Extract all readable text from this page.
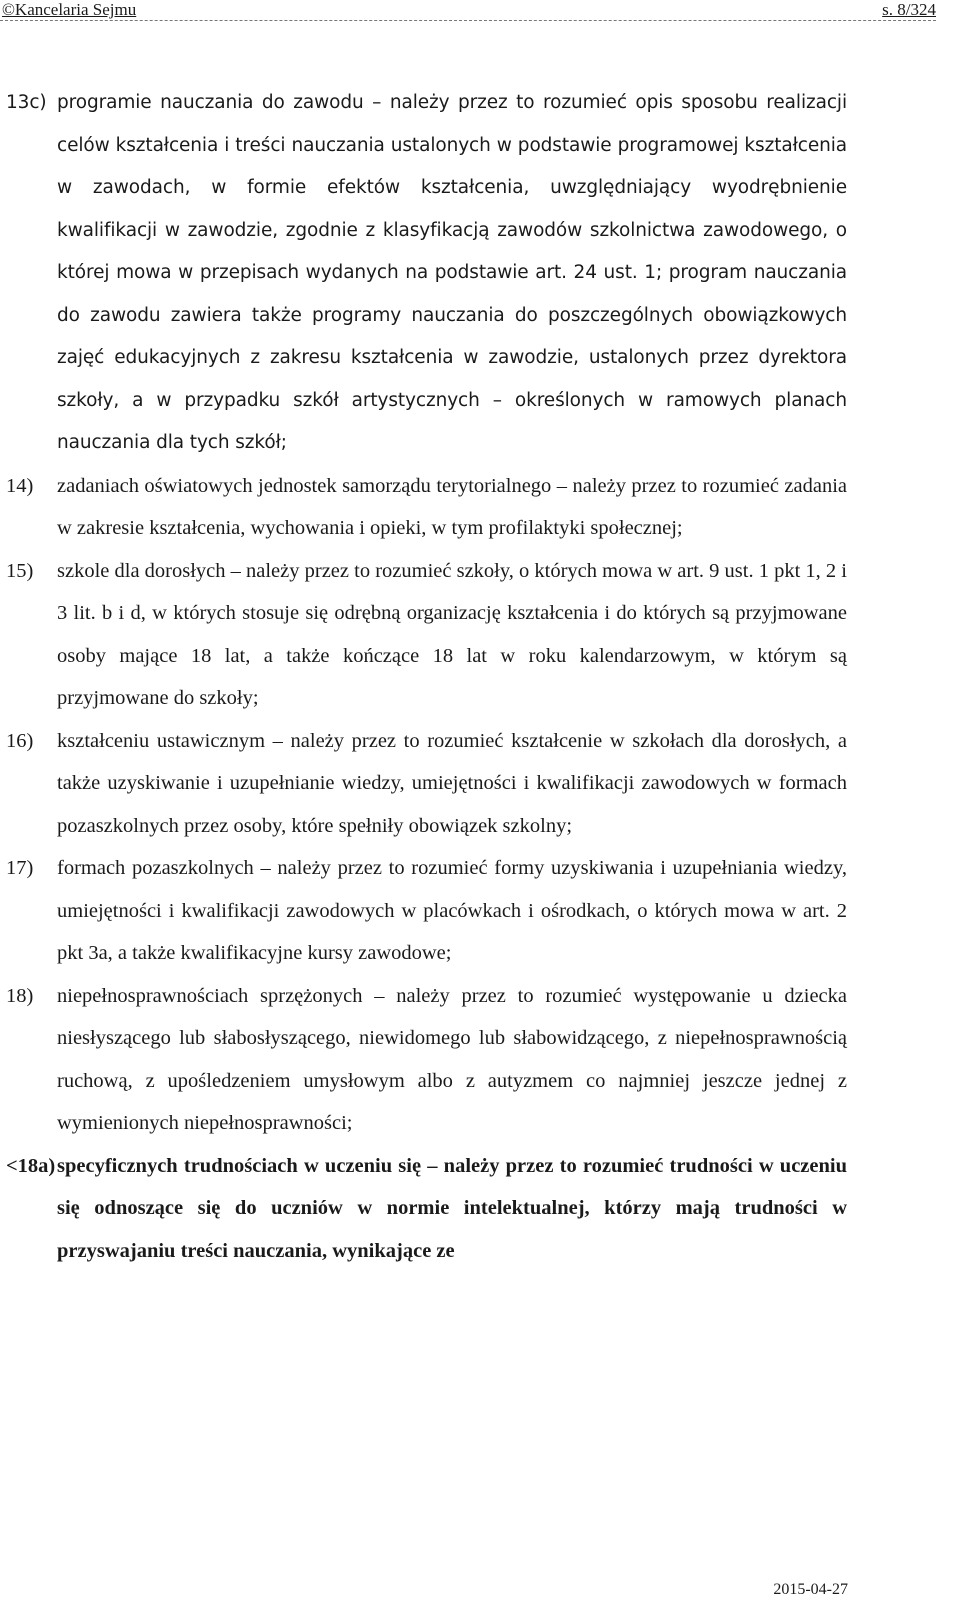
©Kancelaria Sejmu	s. 8/324

13c) programie nauczania do zawodu – należy przez to rozumieć opis sposobu realizacji celów kształcenia i treści nauczania ustalonych w podstawie programowej kształcenia w zawodach, w formie efektów kształcenia, uwzględniający wyodrębnienie kwalifikacji w zawodzie, zgodnie z klasyfikacją zawodów szkolnictwa zawodowego, o której mowa w przepisach wydanych na podstawie art. 24 ust. 1; program nauczania do zawodu zawiera także programy nauczania do poszczególnych obowiązkowych zajęć edukacyjnych z zakresu kształcenia w zawodzie, ustalonych przez dyrektora szkoły, a w przypadku szkół artystycznych – określonych w ramowych planach nauczania dla tych szkół;

14) zadaniach oświatowych jednostek samorządu terytorialnego – należy przez to rozumieć zadania w zakresie kształcenia, wychowania i opieki, w tym profilaktyki społecznej;

15) szkole dla dorosłych – należy przez to rozumieć szkoły, o których mowa w art. 9 ust. 1 pkt 1, 2 i 3 lit. b i d, w których stosuje się odrębną organizację kształcenia i do których są przyjmowane osoby mające 18 lat, a także kończące 18 lat w roku kalendarzowym, w którym są przyjmowane do szkoły;

16) kształceniu ustawicznym – należy przez to rozumieć kształcenie w szkołach dla dorosłych, a także uzyskiwanie i uzupełnianie wiedzy, umiejętności i kwalifikacji zawodowych w formach pozaszkolnych przez osoby, które spełniły obowiązek szkolny;

17) formach pozaszkolnych – należy przez to rozumieć formy uzyskiwania i uzupełniania wiedzy, umiejętności i kwalifikacji zawodowych w placówkach i ośrodkach, o których mowa w art. 2 pkt 3a, a także kwalifikacyjne kursy zawodowe;

18) niepełnosprawnościach sprzężonych – należy przez to rozumieć występowanie u dziecka niesłyszącego lub słabosłyszącego, niewidomego lub słabowidzącego, z niepełnosprawnością ruchową, z upośledzeniem umysłowym albo z autyzmem co najmniej jeszcze jednej z wymienionych niepełnosprawności;

<18a) specyficznych trudnościach w uczeniu się – należy przez to rozumieć trudności w uczeniu się odnoszące się do uczniów w normie intelektualnej, którzy mają trudności w przyswajaniu treści nauczania, wynikające ze

2015-04-27
